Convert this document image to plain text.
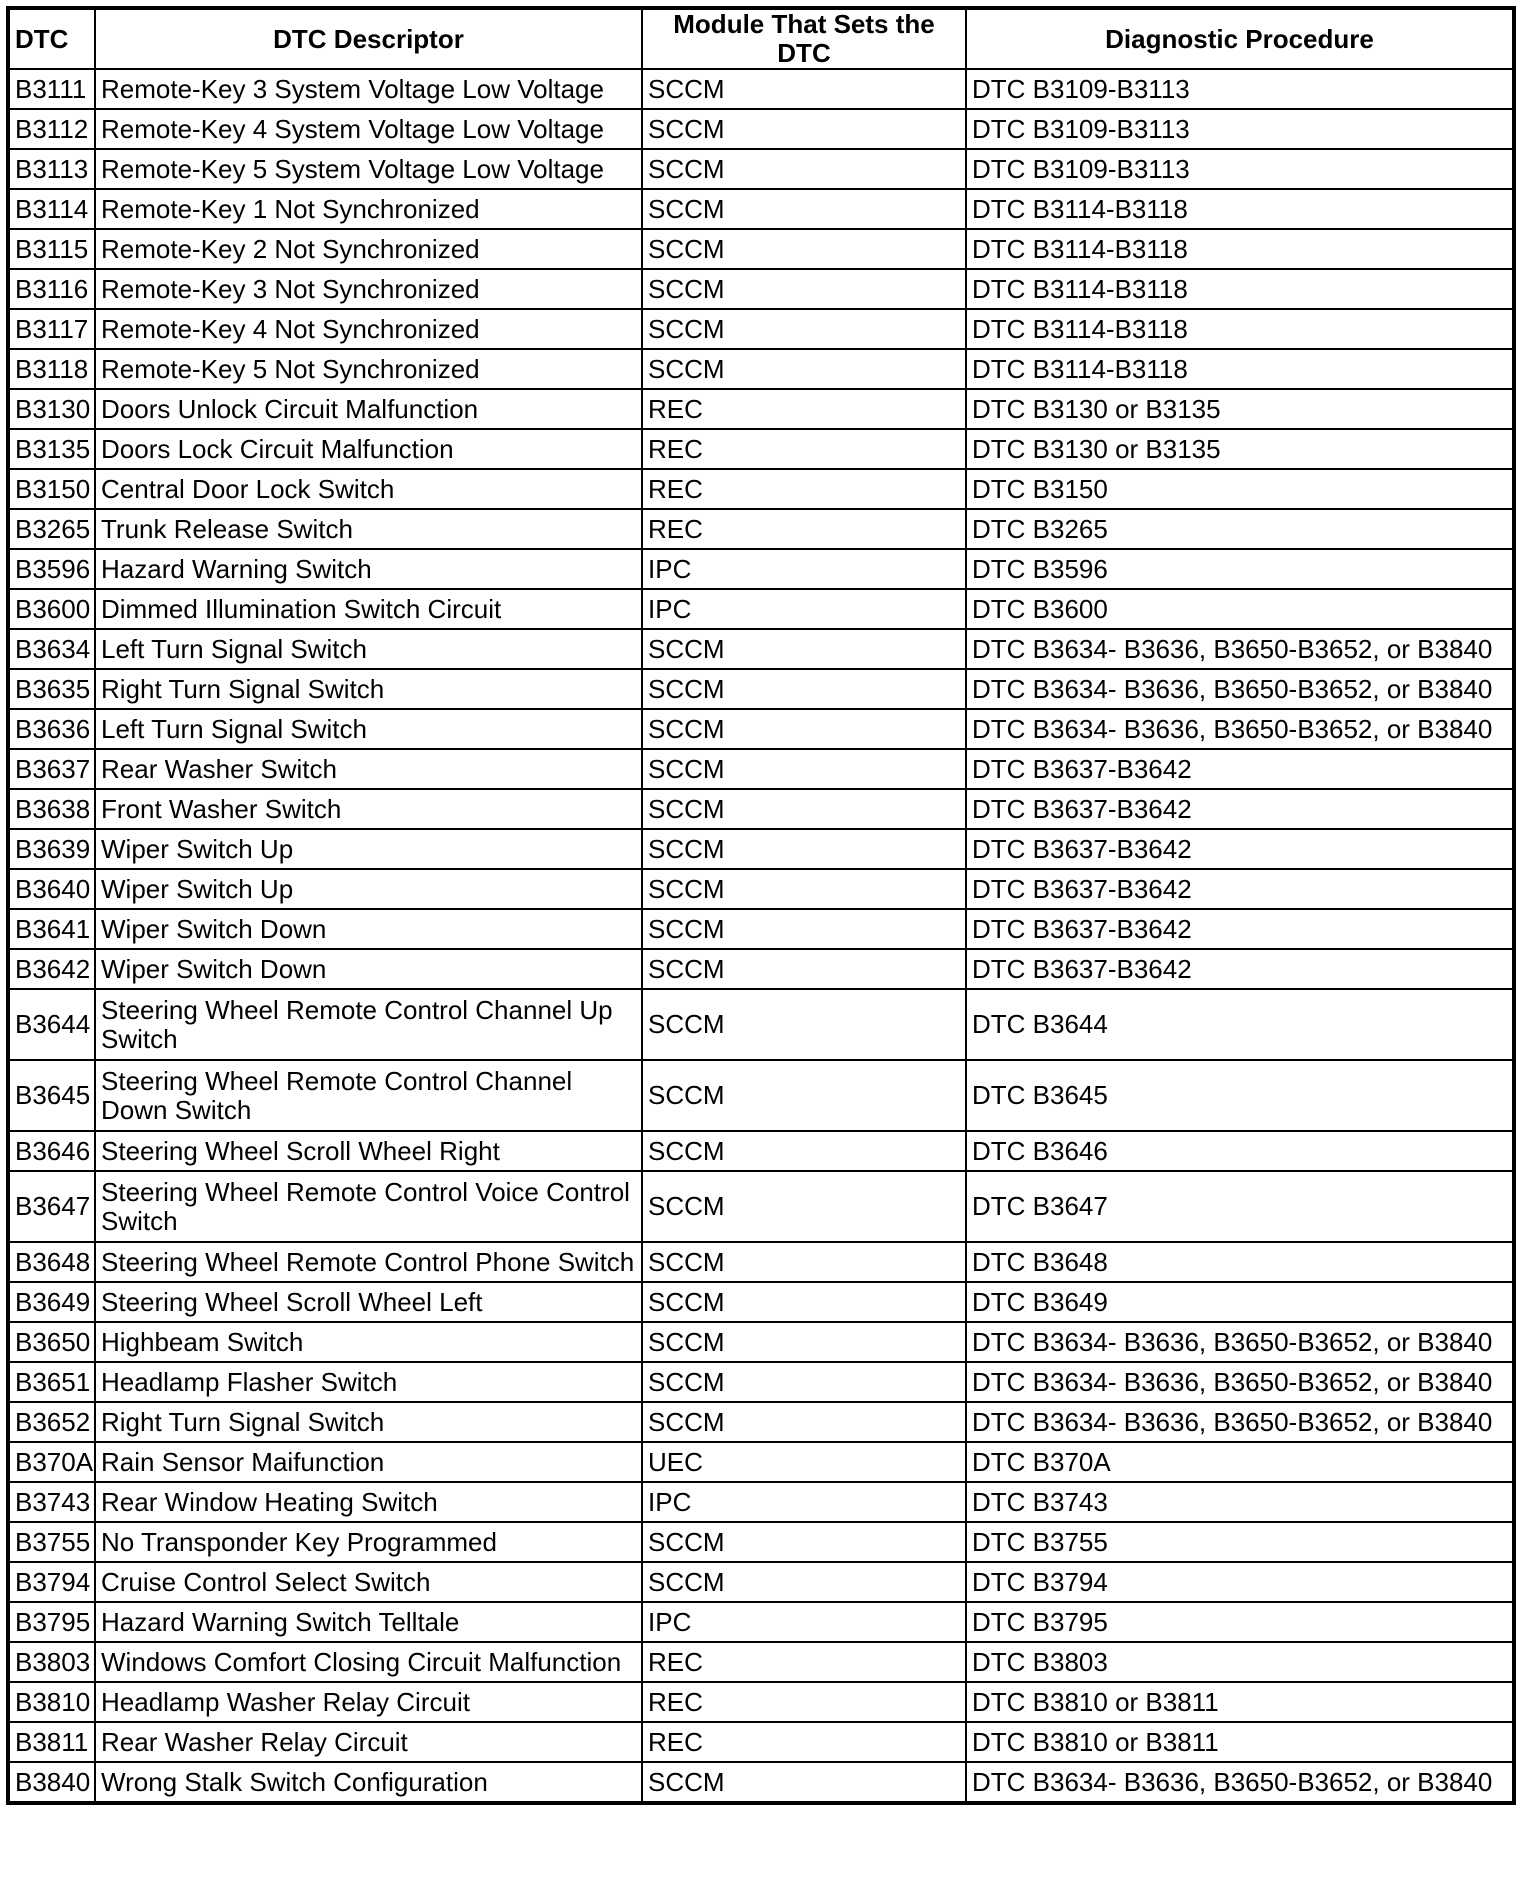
DTC	DTC Descriptor	Module That Sets the DTC	Diagnostic Procedure
B3111	Remote-Key 3 System Voltage Low Voltage	SCCM	DTC B3109-B3113
B3112	Remote-Key 4 System Voltage Low Voltage	SCCM	DTC B3109-B3113
B3113	Remote-Key 5 System Voltage Low Voltage	SCCM	DTC B3109-B3113
B3114	Remote-Key 1 Not Synchronized	SCCM	DTC B3114-B3118
B3115	Remote-Key 2 Not Synchronized	SCCM	DTC B3114-B3118
B3116	Remote-Key 3 Not Synchronized	SCCM	DTC B3114-B3118
B3117	Remote-Key 4 Not Synchronized	SCCM	DTC B3114-B3118
B3118	Remote-Key 5 Not Synchronized	SCCM	DTC B3114-B3118
B3130	Doors Unlock Circuit Malfunction	REC	DTC B3130 or B3135
B3135	Doors Lock Circuit Malfunction	REC	DTC B3130 or B3135
B3150	Central Door Lock Switch	REC	DTC B3150
B3265	Trunk Release Switch	REC	DTC B3265
B3596	Hazard Warning Switch	IPC	DTC B3596
B3600	Dimmed Illumination Switch Circuit	IPC	DTC B3600
B3634	Left Turn Signal Switch	SCCM	DTC B3634- B3636, B3650-B3652, or B3840
B3635	Right Turn Signal Switch	SCCM	DTC B3634- B3636, B3650-B3652, or B3840
B3636	Left Turn Signal Switch	SCCM	DTC B3634- B3636, B3650-B3652, or B3840
B3637	Rear Washer Switch	SCCM	DTC B3637-B3642
B3638	Front Washer Switch	SCCM	DTC B3637-B3642
B3639	Wiper Switch Up	SCCM	DTC B3637-B3642
B3640	Wiper Switch Up	SCCM	DTC B3637-B3642
B3641	Wiper Switch Down	SCCM	DTC B3637-B3642
B3642	Wiper Switch Down	SCCM	DTC B3637-B3642
B3644	Steering Wheel Remote Control Channel Up Switch	SCCM	DTC B3644
B3645	Steering Wheel Remote Control Channel Down Switch	SCCM	DTC B3645
B3646	Steering Wheel Scroll Wheel Right	SCCM	DTC B3646
B3647	Steering Wheel Remote Control Voice Control Switch	SCCM	DTC B3647
B3648	Steering Wheel Remote Control Phone Switch	SCCM	DTC B3648
B3649	Steering Wheel Scroll Wheel Left	SCCM	DTC B3649
B3650	Highbeam Switch	SCCM	DTC B3634- B3636, B3650-B3652, or B3840
B3651	Headlamp Flasher Switch	SCCM	DTC B3634- B3636, B3650-B3652, or B3840
B3652	Right Turn Signal Switch	SCCM	DTC B3634- B3636, B3650-B3652, or B3840
B370A	Rain Sensor Maifunction	UEC	DTC B370A
B3743	Rear Window Heating Switch	IPC	DTC B3743
B3755	No Transponder Key Programmed	SCCM	DTC B3755
B3794	Cruise Control Select Switch	SCCM	DTC B3794
B3795	Hazard Warning Switch Telltale	IPC	DTC B3795
B3803	Windows Comfort Closing Circuit Malfunction	REC	DTC B3803
B3810	Headlamp Washer Relay Circuit	REC	DTC B3810 or B3811
B3811	Rear Washer Relay Circuit	REC	DTC B3810 or B3811
B3840	Wrong Stalk Switch Configuration	SCCM	DTC B3634- B3636, B3650-B3652, or B3840
